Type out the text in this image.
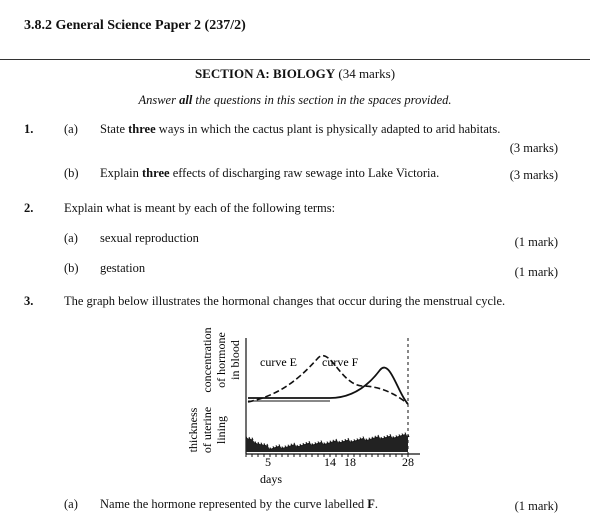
3.8.2 General Science Paper 2 (237/2)
SECTION A: BIOLOGY (34 marks)
Answer all the questions in this section in the spaces provided.
1. (a) State three ways in which the cactus plant is physically adapted to arid habitats.
(3 marks)
(b) Explain three effects of discharging raw sewage into Lake Victoria.	(3 marks)
2. Explain what is meant by each of the following terms:
(a) sexual reproduction	(1 mark)
(b) gestation	(1 mark)
3. The graph below illustrates the hormonal changes that occur during the menstrual cycle.
thickness of uterine lining
concentration of hormone in blood curve E curve F
5	14 18	28
days
(a) Name the hormone represented by the curve labelled F.	(1 mark)
